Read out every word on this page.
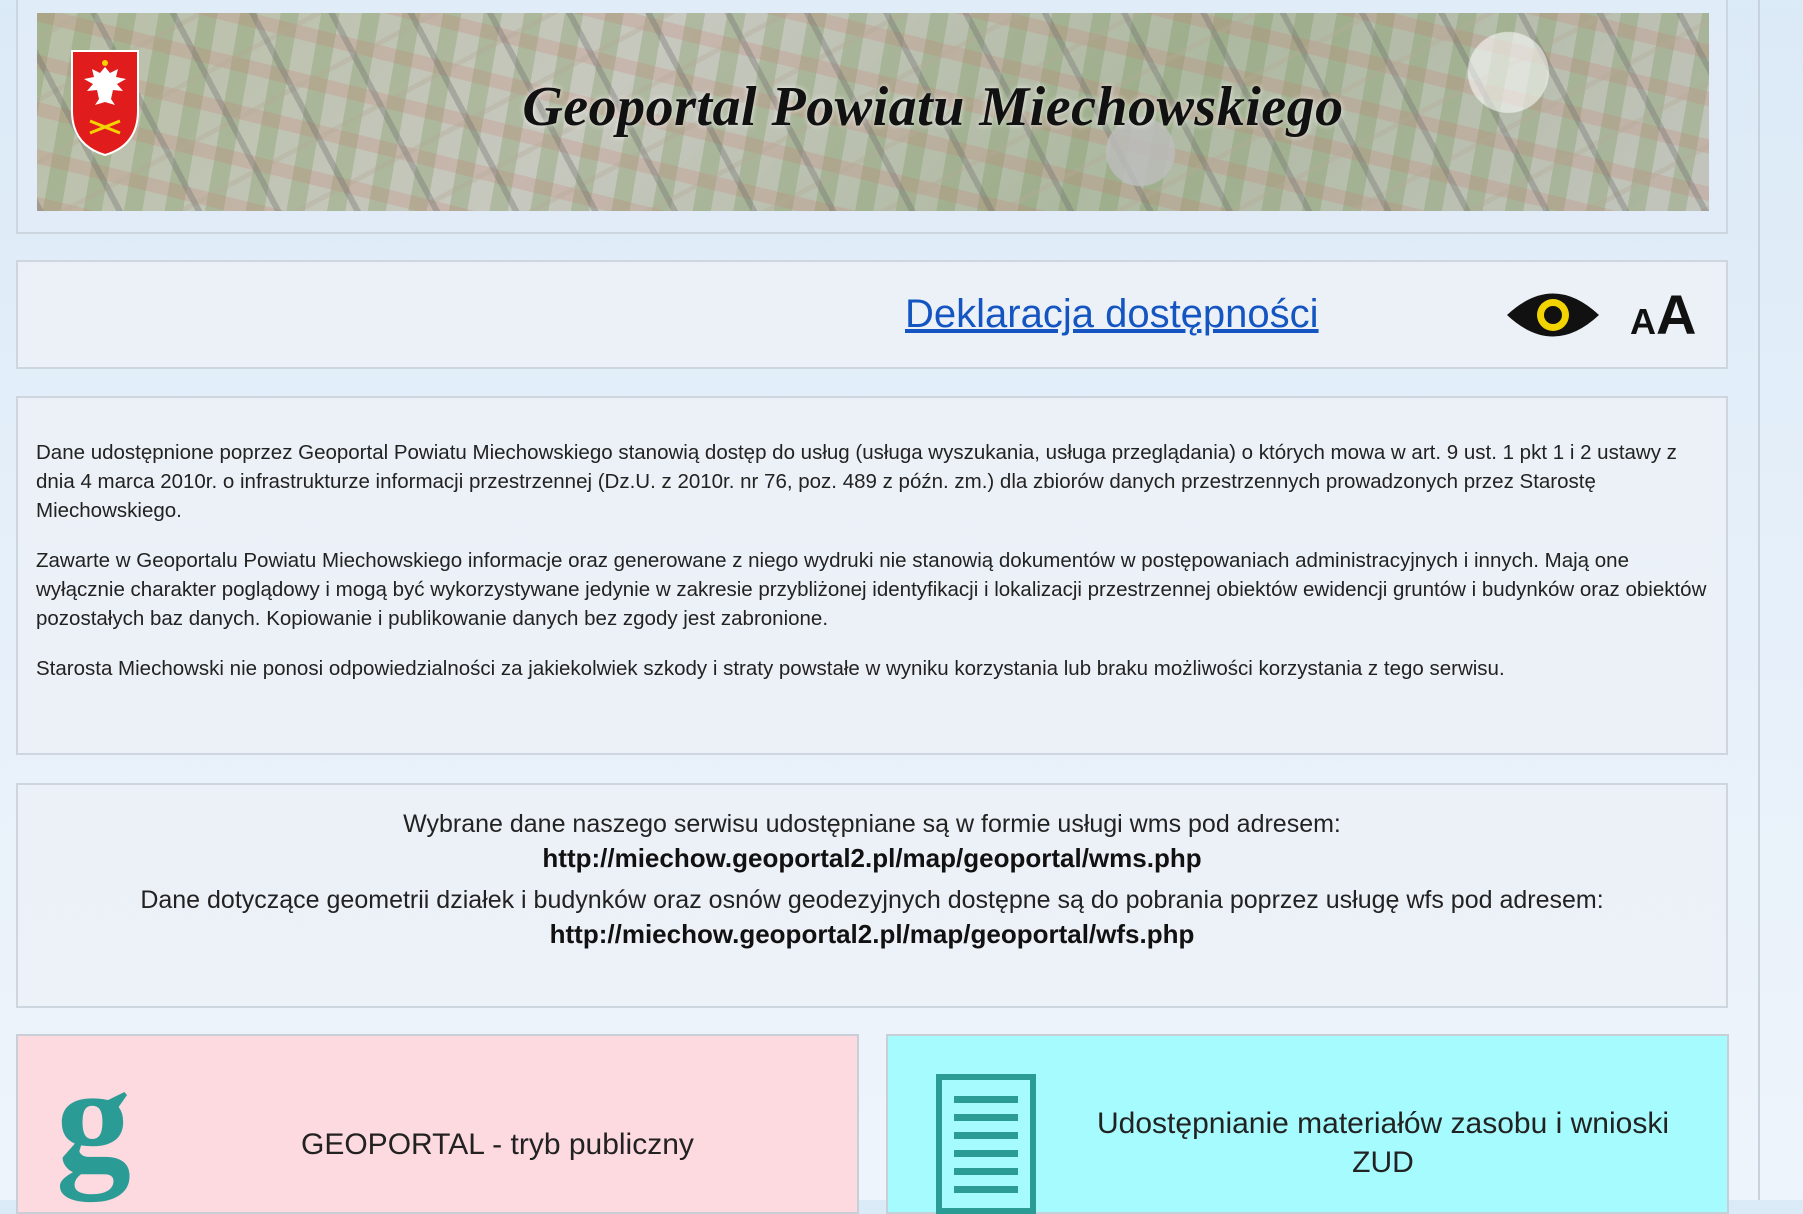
Geoportal Powiatu Miechowskiego
Deklaracja dostępności	AA

Dane udostępnione poprzez Geoportal Powiatu Miechowskiego stanowią dostęp do usług (usługa wyszukania, usługa przeglądania) o których mowa w art. 9 ust. 1 pkt 1 i 2 ustawy z dnia 4 marca 2010r. o infrastrukturze informacji przestrzennej (Dz.U. z 2010r. nr 76, poz. 489 z późn. zm.) dla zbiorów danych przestrzennych prowadzonych przez Starostę Miechowskiego.

Zawarte w Geoportalu Powiatu Miechowskiego informacje oraz generowane z niego wydruki nie stanowią dokumentów w postępowaniach administracyjnych i innych. Mają one wyłącznie charakter poglądowy i mogą być wykorzystywane jedynie w zakresie przybliżonej identyfikacji i lokalizacji przestrzennej obiektów ewidencji gruntów i budynków oraz obiektów pozostałych baz danych. Kopiowanie i publikowanie danych bez zgody jest zabronione.

Starosta Miechowski nie ponosi odpowiedzialności za jakiekolwiek szkody i straty powstałe w wyniku korzystania lub braku możliwości korzystania z tego serwisu.

Wybrane dane naszego serwisu udostępniane są w formie usługi wms pod adresem:
http://miechow.geoportal2.pl/map/geoportal/wms.php
Dane dotyczące geometrii działek i budynków oraz osnów geodezyjnych dostępne są do pobrania poprzez usługę wfs pod adresem:
http://miechow.geoportal2.pl/map/geoportal/wfs.php
g	GEOPORTAL - tryb publiczny
Udostępnianie materiałów zasobu i wnioski ZUD
